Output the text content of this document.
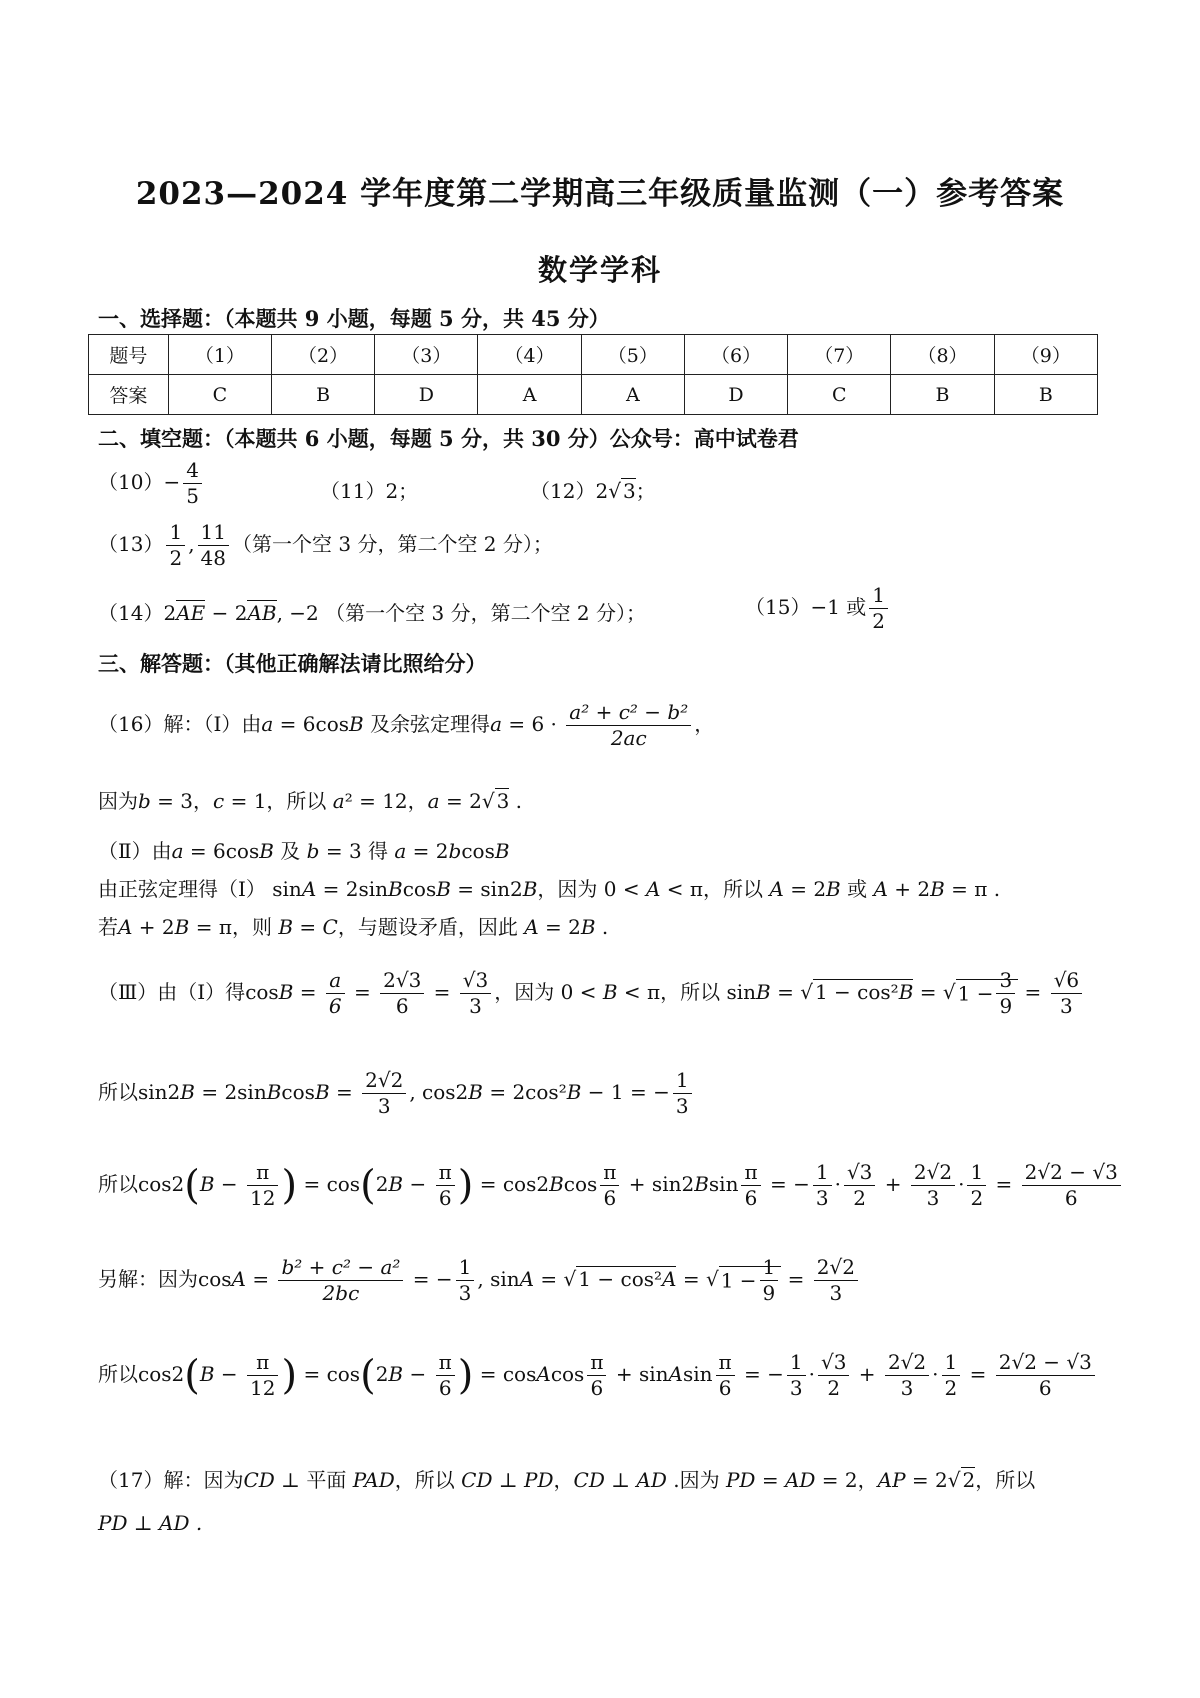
2023—2024 学年度第二学期高三年级质量监测（一）参考答案
数学学科
一、选择题：（本题共 9 小题，每题 5 分，共 45 分）
题号	（1）	（2）	（3）	（4）	（5）	（6）	（7）	（8）	（9）
答案	C	B	D	A	A	D	C	B	B
二、填空题：（本题共 6 小题，每题 5 分，共 30 分）公众号：高中试卷君
$(10)- \frac{4}{5}$	（11）2；	（12）2√ 3；
$(13) \frac{1}{2}$ , $\frac{11}{48}$ （第一个空 3 分，第二个空 2 分）；
（14）2AE − 2AB, −2 （第一个空 3 分，第二个空 2 分）；	（15）−1 或 $\frac{1}{2}$
三、解答题：（其他正确解法请比照给分）
（16）解：（Ⅰ）由a = 6cosB 及余弦定理得$a = 6 \cdot \frac{\text{a² + c² − b²}}{2ac}$ ，
因为b = 3，c = 1，所以 a² = 12，a = 2√ 3 .
（Ⅱ）由a = 6cosB 及 b = 3 得 a = 2bcosB
由正弦定理得（Ⅰ） sinA = 2sinBcosB = sin2B，因为 0 < A < π，所以 A = 2B 或 A + 2B = π .
若A + 2B = π，则 B = C，与题设矛盾，因此 A = 2B .
（Ⅲ）由（Ⅰ）得$\cos B = \frac{a}{6} = \frac{2√3}{6} = \frac{√3}{3}$ ，因为 0 < B < π，所以 sinB = √ 1 − cos²B = √ $1 - \frac{3}{9} = \frac{√6}{3}$
所以sin2B = 2sinBcosB = $\frac{2√2}{3}$ , cos2B = 2cos²B − 1 = − $\frac{1}{3}$
所以$\cos 2(B - \frac{\pi}{12}$ ) = $\cos(2B - \frac{\pi}{6}$ ) = $\cos 2Bcos \frac{\pi}{6} + \sin 2Bsin \frac{\pi}{6}$ = − $\frac{1}{3} \cdot \frac{√3}{2} + \frac{2√2}{3} \cdot \frac{1}{2} = \frac{2√2 - √3}{6}$
另解：因为$\cos A = \frac{\text{b² + c² − a²}}{2bc}$ = − $\frac{1}{3}$ , sinA = √ 1 − cos²A = √ $1 - \frac{1}{9} = \frac{2√2}{3}$
所以$\cos 2(B - \frac{\pi}{12}$ ) = $\cos(2B - \frac{\pi}{6}$ ) = cosAcos $\frac{\pi}{6}$ + sinAsin $\frac{\pi}{6}$ = − $\frac{1}{3} \cdot \frac{√3}{2} + \frac{2√2}{3} \cdot \frac{1}{2} = \frac{2√2 - √3}{6}$
（17）解：因为CD ⊥ 平面 PAD，所以 CD ⊥ PD，CD ⊥ AD .因为 PD = AD = 2，AP = 2√ 2，所以
PD ⊥ AD .
